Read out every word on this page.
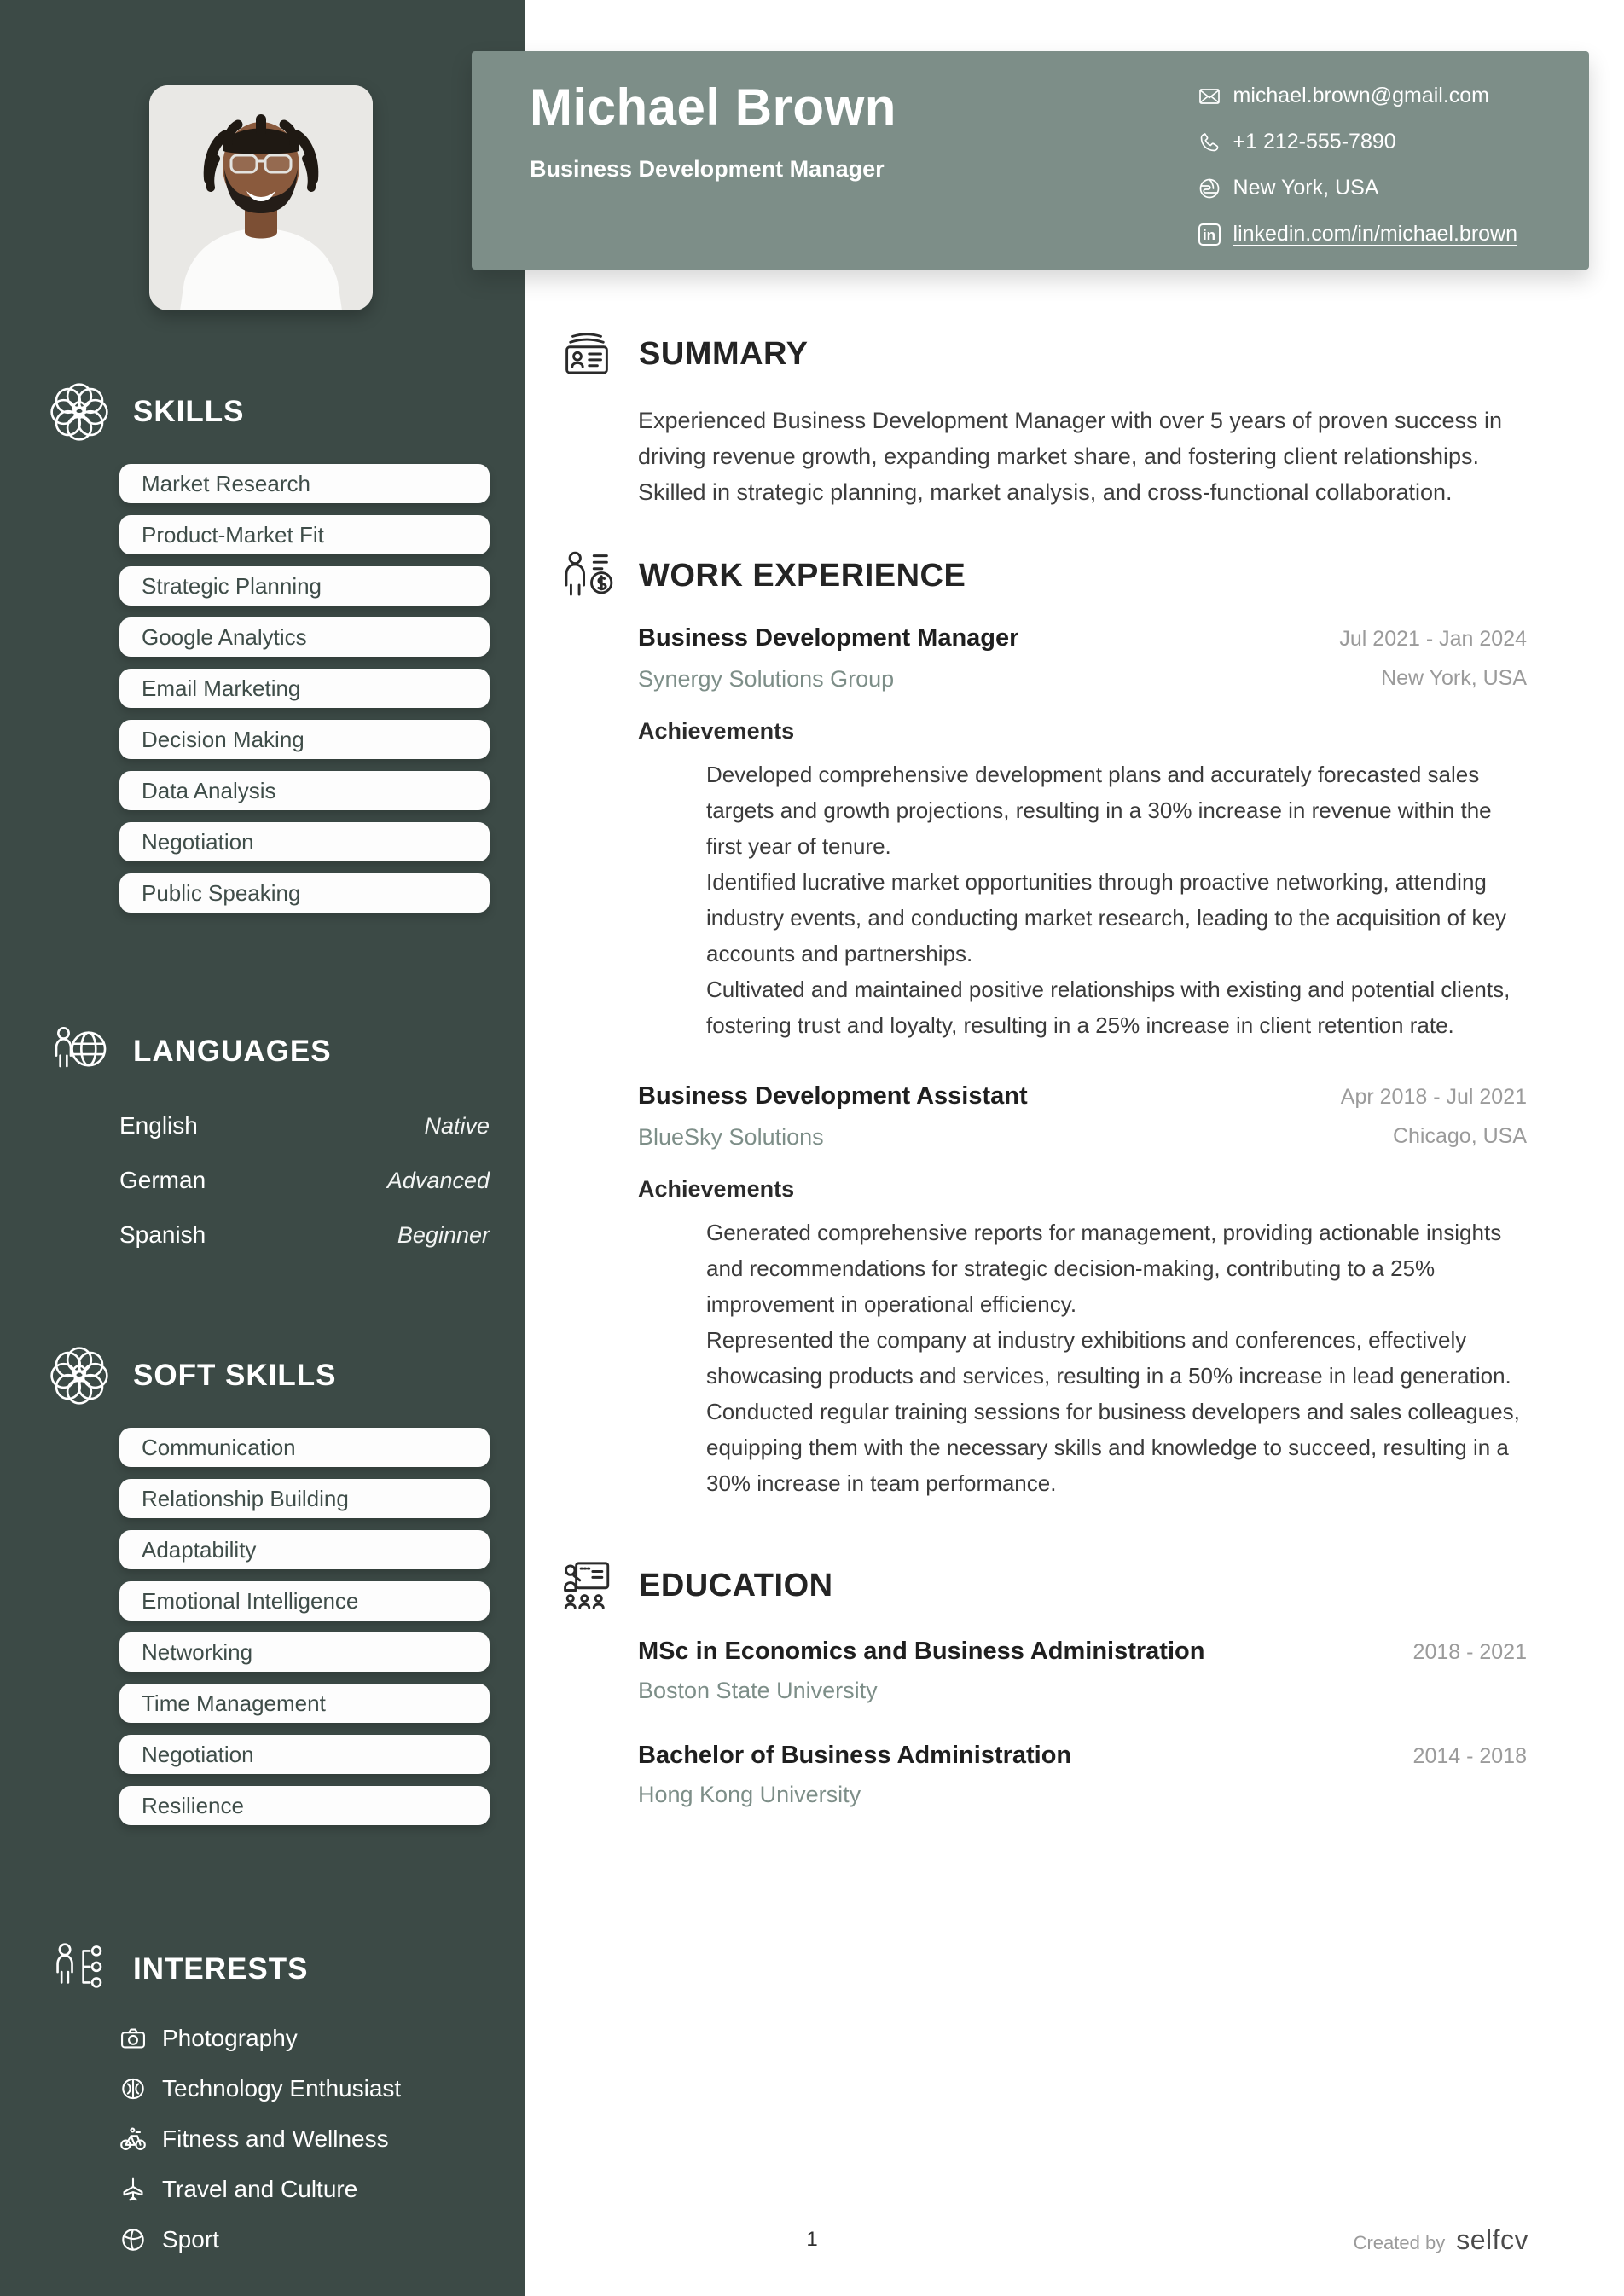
SKILLS
Market Research
Product-Market Fit
Strategic Planning
Google Analytics
Email Marketing
Decision Making
Data Analysis
Negotiation
Public Speaking
LANGUAGES
English	Native
German	Advanced
Spanish	Beginner
SOFT SKILLS
Communication
Relationship Building
Adaptability
Emotional Intelligence
Networking
Time Management
Negotiation
Resilience
INTERESTS
Photography
Technology Enthusiast
Fitness and Wellness
Travel and Culture
Sport
Michael Brown
Business Development Manager
michael.brown@gmail.com
+1 212-555-7890
New York, USA
in linkedin.com/in/michael.brown
SUMMARY

Experienced Business Development Manager with over 5 years of proven success in driving revenue growth, expanding market share, and fostering client relationships. Skilled in strategic planning, market analysis, and cross-functional collaboration.

WORK EXPERIENCE
Business Development Manager	Jul 2021 - Jan 2024
Synergy Solutions Group	New York, USA
Achievements

Developed comprehensive development plans and accurately forecasted sales targets and growth projections, resulting in a 30% increase in revenue within the first year of tenure.

Identified lucrative market opportunities through proactive networking, attending industry events, and conducting market research, leading to the acquisition of key accounts and partnerships.

Cultivated and maintained positive relationships with existing and potential clients, fostering trust and loyalty, resulting in a 25% increase in client retention rate.

Business Development Assistant	Apr 2018 - Jul 2021
BlueSky Solutions	Chicago, USA
Achievements

Generated comprehensive reports for management, providing actionable insights and recommendations for strategic decision-making, contributing to a 25% improvement in operational efficiency.

Represented the company at industry exhibitions and conferences, effectively showcasing products and services, resulting in a 50% increase in lead generation.

Conducted regular training sessions for business developers and sales colleagues, equipping them with the necessary skills and knowledge to succeed, resulting in a 30% increase in team performance.

EDUCATION
MSc in Economics and Business Administration	2018 - 2021
Boston State University
Bachelor of Business Administration	2014 - 2018
Hong Kong University
1	Created by selfcv
